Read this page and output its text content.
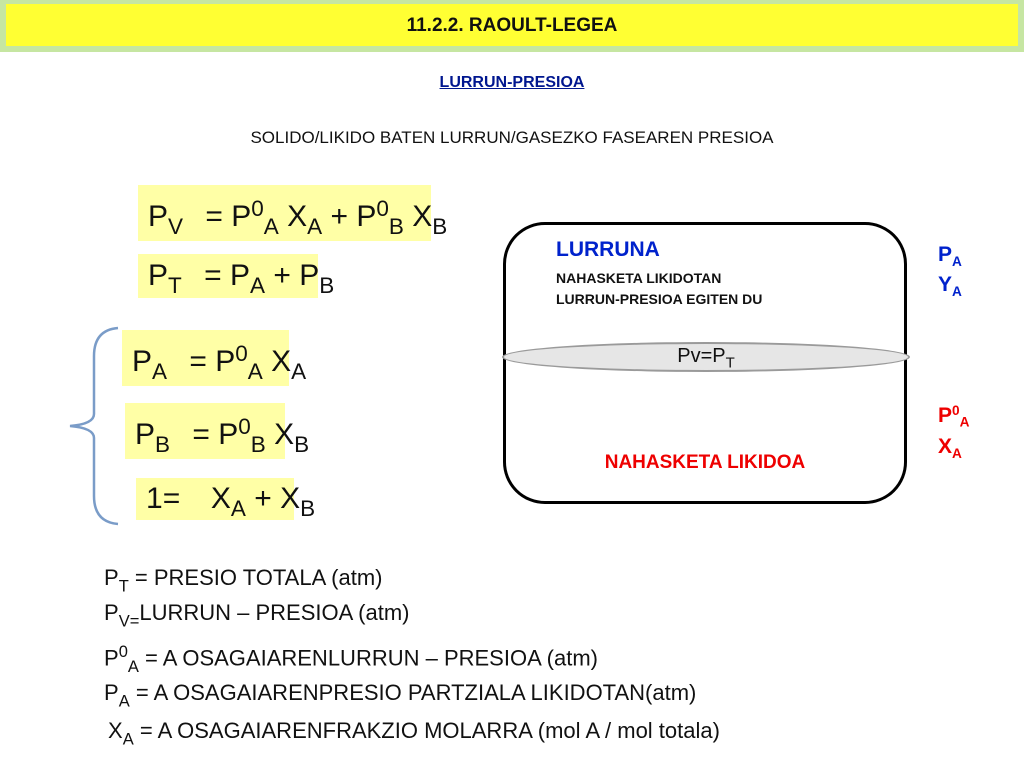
11.2.2. RAOULT-LEGEA
LURRUN-PRESIOA
SOLIDO/LIKIDO BATEN LURRUN/GASEZKO FASEAREN PRESIOA
$P_V = P^0_A$ $X_A + P^0_B$ $X_B$
$P_T = P_A + P_B$
$P_A = P^0_A$ $X_A$
$P_B = P^0_B$ $X_B$
$1= X_A + X_B$
LURRUNA
NAHASKETA LIKIDOTAN
LURRUN-PRESIOA EGITEN DU
$Pv=P_T$
NAHASKETA LIKIDOA
$P_A$
$Y_A$
$P^0_A$
$X_A$
$P_T$ = PRESIO TOTALA (atm)
$P_{V=}LURRUN$ – PRESIOA (atm)
$P^0_A = A$ OSAGAIARENLURRUN – PRESIOA (atm)
$P_A = A$ OSAGAIARENPRESIO PARTZIALA LIKIDOTAN(atm)
$X_A = A$ OSAGAIARENFRAKZIO MOLARRA (mol A / mol totala)
